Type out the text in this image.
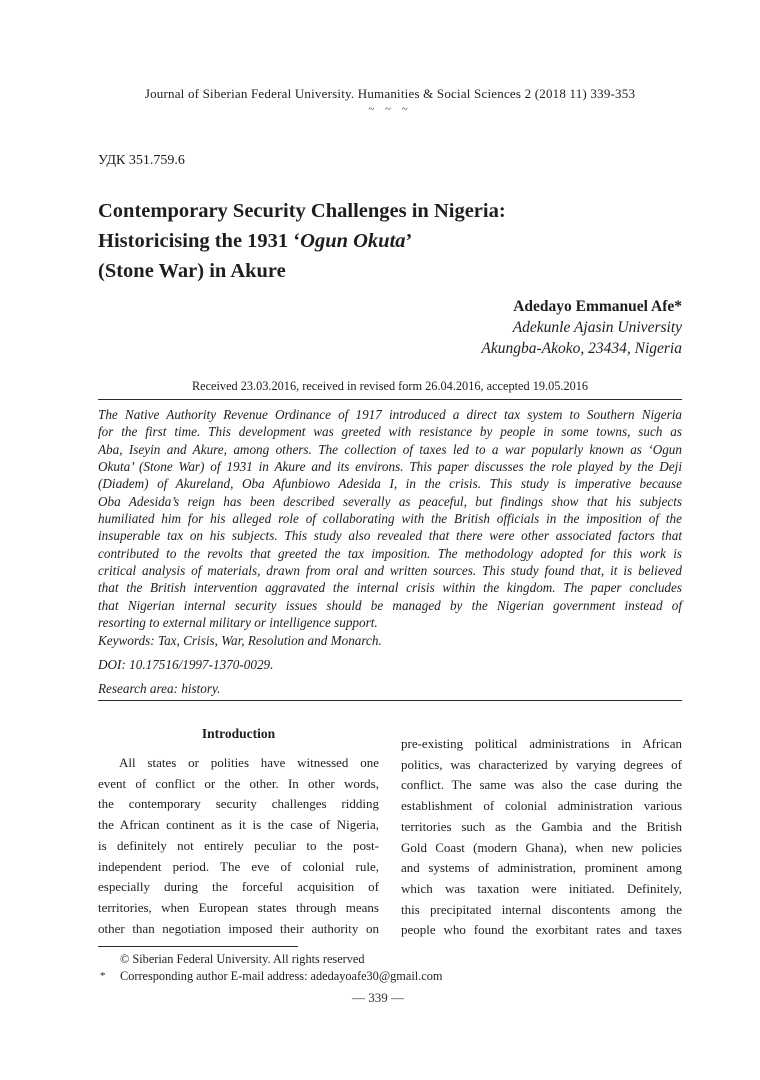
Journal of Siberian Federal University. Humanities & Social Sciences 2 (2018 11) 339-353
~ ~ ~
УДК 351.759.6
Contemporary Security Challenges in Nigeria:
Historicising the 1931 ‘Ogun Okuta’
(Stone War) in Akure
Adedayo Emmanuel Afe*
Adekunle Ajasin University
Akungba-Akoko, 23434, Nigeria
Received 23.03.2016, received in revised form 26.04.2016, accepted 19.05.2016
The Native Authority Revenue Ordinance of 1917 introduced a direct tax system to Southern Nigeria
for the first time. This development was greeted with resistance by people in some towns, such as
Aba, Iseyin and Akure, among others. The collection of taxes led to a war popularly known as ‘Ogun
Okuta’ (Stone War) of 1931 in Akure and its environs. This paper discusses the role played by the Deji
(Diadem) of Akureland, Oba Afunbiowo Adesida I, in the crisis. This study is imperative because
Oba Adesida’s reign has been described severally as peaceful, but findings show that his subjects
humiliated him for his alleged role of collaborating with the British officials in the imposition of the
insuperable tax on his subjects. This study also revealed that there were other associated factors that
contributed to the revolts that greeted the tax imposition. The methodology adopted for this work is
critical analysis of materials, drawn from oral and written sources. This study found that, it is believed
that the British intervention aggravated the internal crisis within the kingdom. The paper concludes
that Nigerian internal security issues should be managed by the Nigerian government instead of
resorting to external military or intelligence support.
Keywords: Tax, Crisis, War, Resolution and Monarch.
DOI: 10.17516/1997-1370-0029.
Research area: history.
Introduction
All states or polities have witnessed one
event of conflict or the other. In other words,
the contemporary security challenges ridding
the African continent as it is the case of Nigeria,
is definitely not entirely peculiar to the post-
independent period. The eve of colonial rule,
especially during the forceful acquisition of
territories, when European states through means
other than negotiation imposed their authority on
pre-existing political administrations in African
politics, was characterized by varying degrees of
conflict. The same was also the case during the
establishment of colonial administration various
territories such as the Gambia and the British
Gold Coast (modern Ghana), when new policies
and systems of administration, prominent among
which was taxation were initiated. Definitely,
this precipitated internal discontents among the
people who found the exorbitant rates and taxes
© Siberian Federal University. All rights reserved
* Corresponding author E-mail address: adedayoafe30@gmail.com
— 339 —
